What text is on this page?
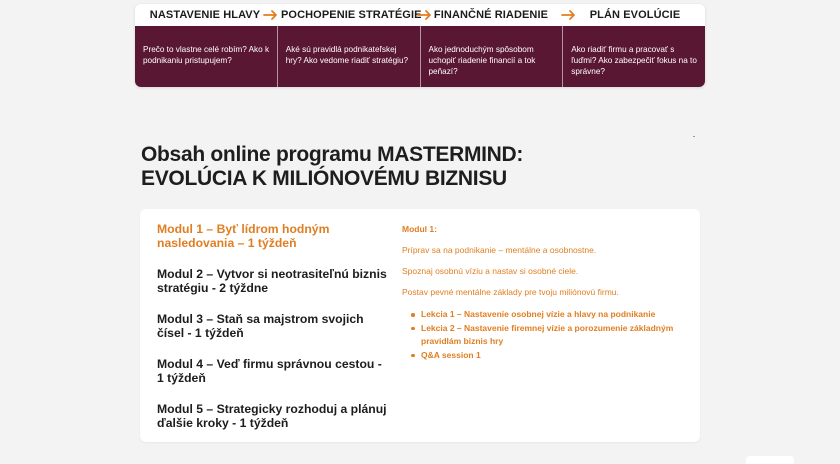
NASTAVENIE HLAVY	POCHOPENIE STRATÉGIE FINANČNÉ RIADENIE	PLÁN EVOLÚCIE
Prečo to vlastne celé robím? Ako k podnikaniu pristupujem?
Aké sú pravidlá podnikateľskej hry? Ako vedome riadiť stratégiu?
Ako jednoduchým spôsobom uchopiť riadenie financií a tok peňazí?
Ako riadiť firmu a pracovať s ľuďmi? Ako zabezpečiť fokus na to správne?
Obsah online programu MASTERMIND:
EVOLÚCIA K MILIÓNOVÉMU BIZNISU
Modul 1 – Byť lídrom hodným nasledovania – 1 týždeň
Modul 2 – Vytvor si neotrasiteľnú biznis stratégiu - 2 týždne
Modul 3 – Staň sa majstrom svojich čísel - 1 týždeň
Modul 4 – Veď firmu správnou cestou - 1 týždeň
Modul 5 – Strategicky rozhoduj a plánuj ďalšie kroky - 1 týždeň
Modul 1:

Príprav sa na podnikanie – mentálne a osobnostne.

Spoznaj osobnú víziu a nastav si osobné ciele.

Postav pevné mentálne základy pre tvoju miliónovú firmu.

Lekcia 1 – Nastavenie osobnej vízie a hlavy na podnikanie
Lekcia 2 – Nastavenie firemnej vízie a porozumenie základným pravidlám biznis hry
Q&A session 1
